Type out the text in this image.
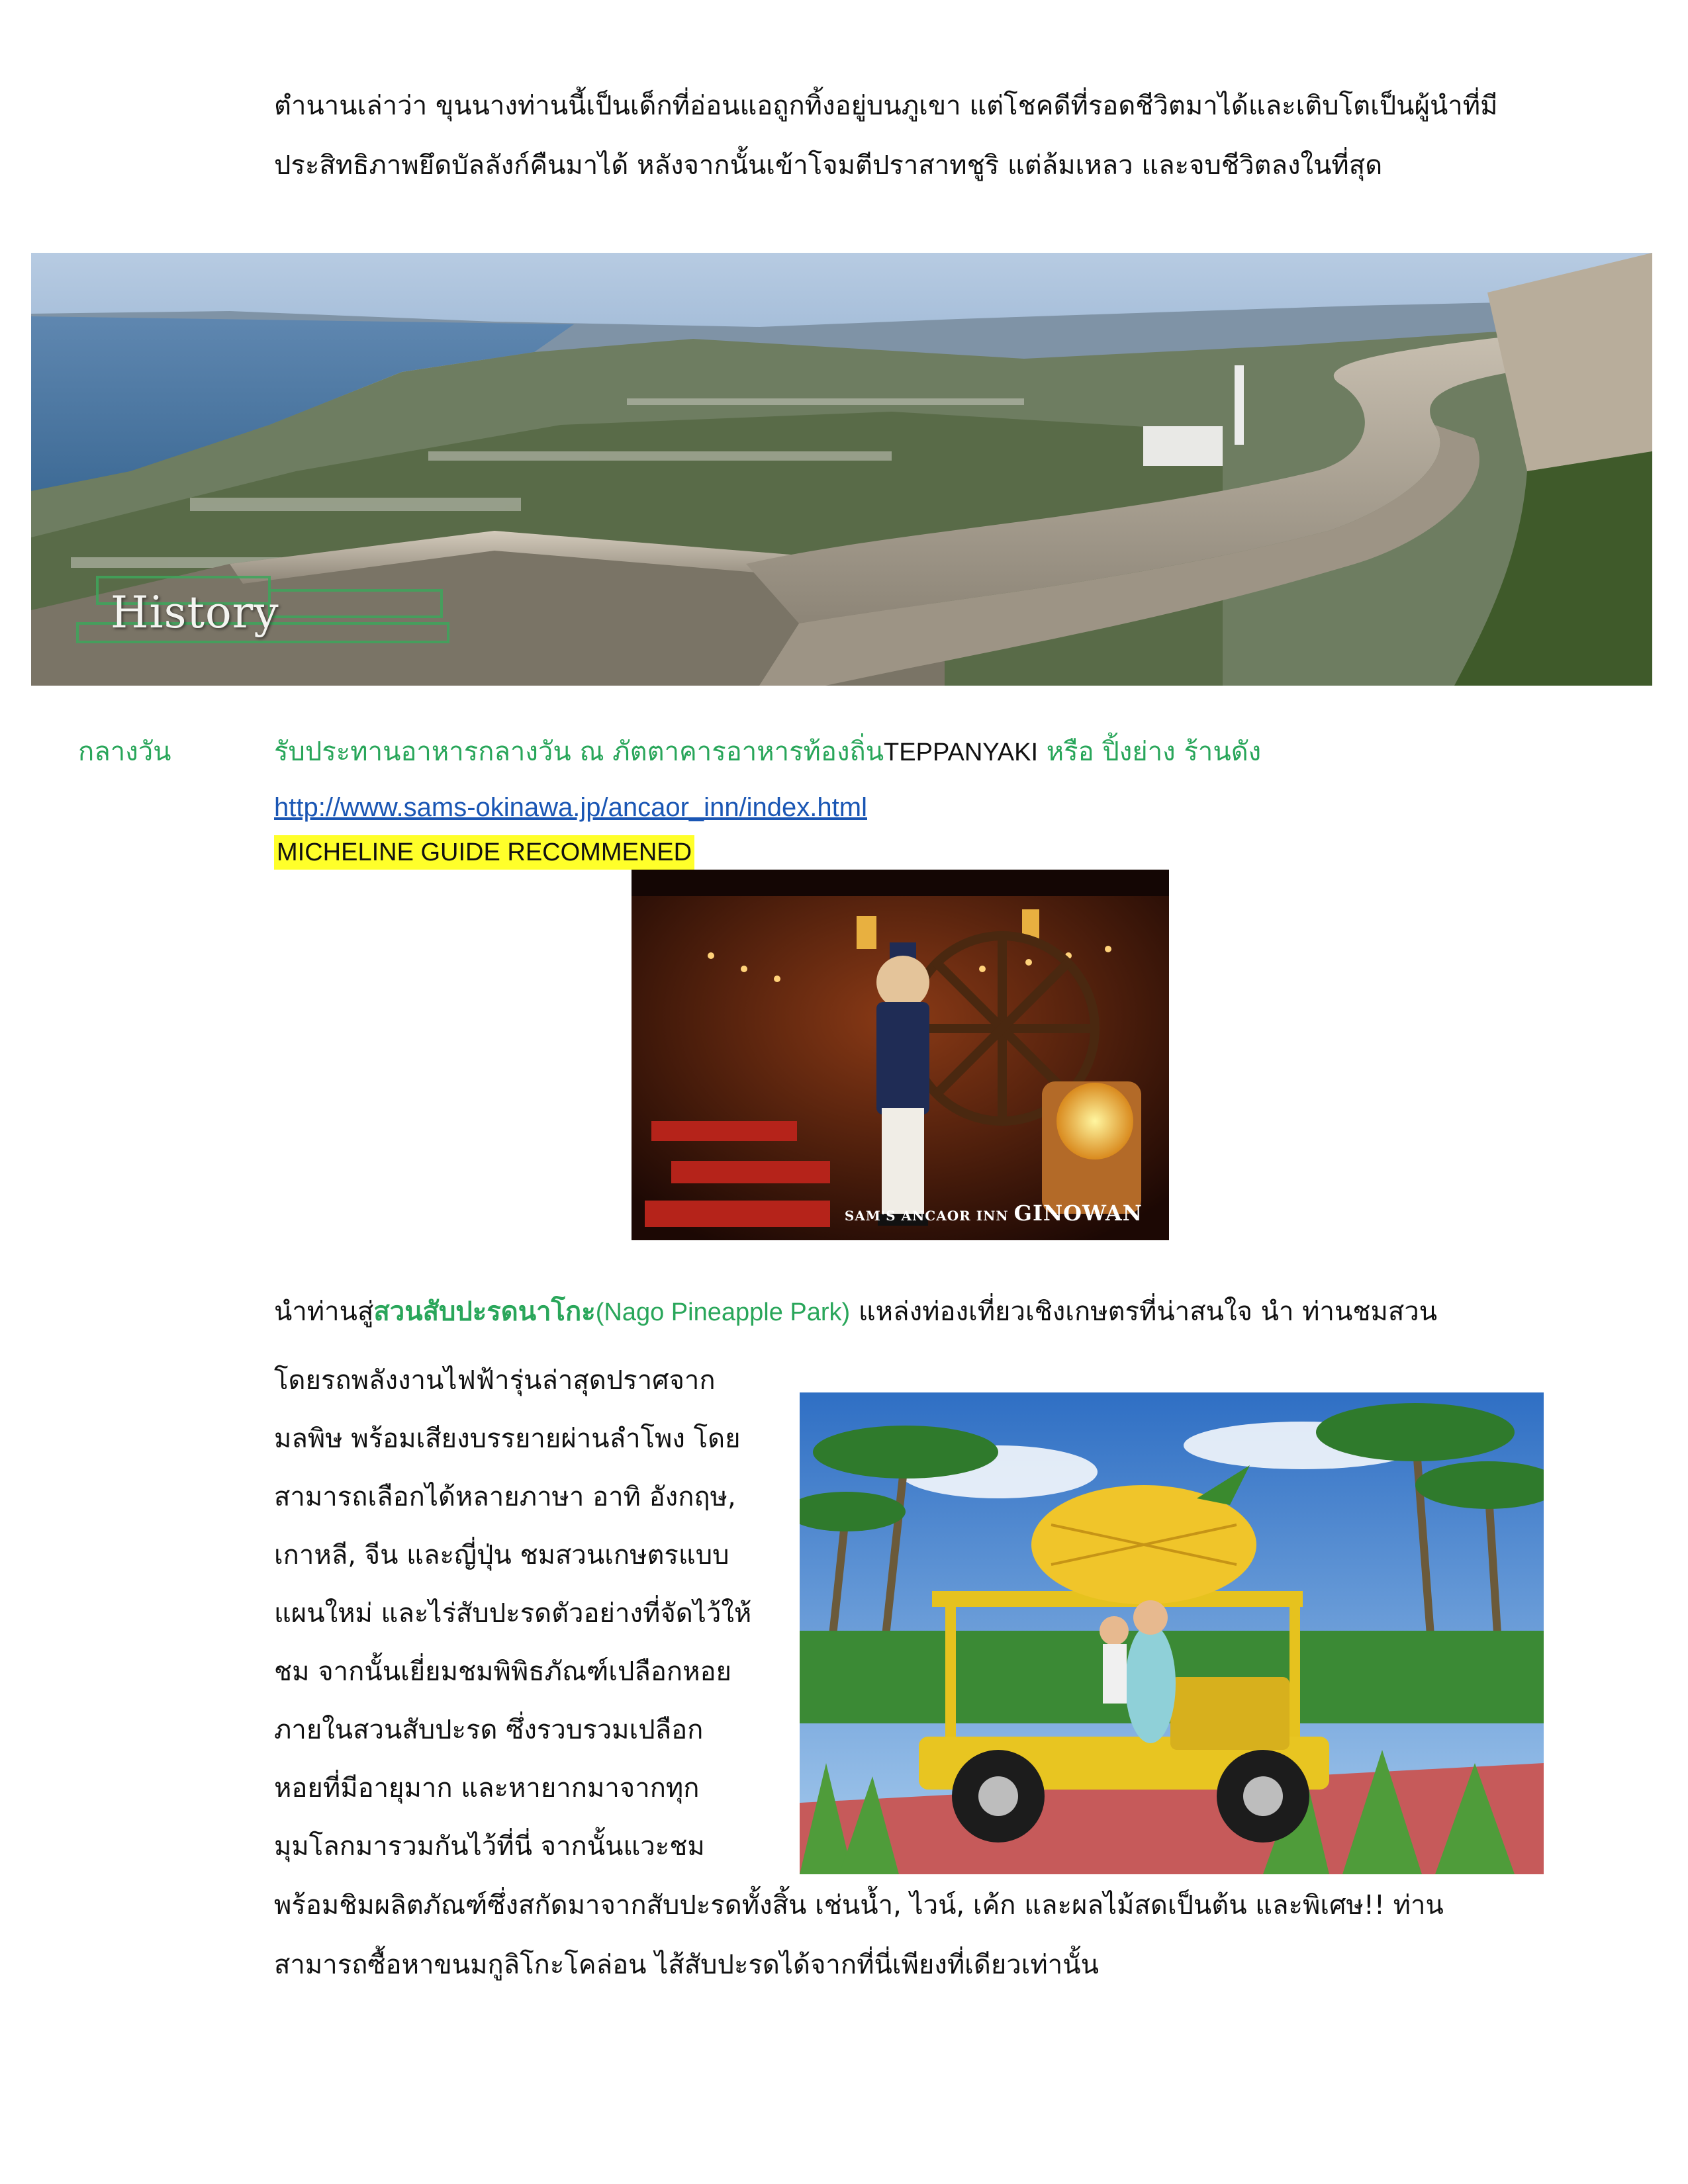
ตำนานเล่าว่า ขุนนางท่านนี้เป็นเด็กที่อ่อนแอถูกทิ้งอยู่บนภูเขา แต่โชคดีที่รอดชีวิตมาได้และเติบโตเป็นผู้นำที่มี
ประสิทธิภาพยึดบัลลังก์คืนมาได้ หลังจากนั้นเข้าโจมตีปราสาทชูริ แต่ล้มเหลว และจบชีวิตลงในที่สุด
History
กลางวัน	รับประทานอาหารกลางวัน ณ ภัตตาคารอาหารท้องถิ่นTEPPANYAKI หรือ ปิ้งย่าง ร้านดัง
http://www.sams-okinawa.jp/ancaor_inn/index.html
MICHELINE GUIDE RECOMMENED
SAM'S ANCAOR INN GINOWAN
นำท่านสู่สวนสับปะรดนาโกะ(Nago Pineapple Park) แหล่งท่องเที่ยวเชิงเกษตรที่น่าสนใจ นำ ท่านชมสวน
โดยรถพลังงานไฟฟ้ารุ่นล่าสุดปราศจาก
มลพิษ พร้อมเสียงบรรยายผ่านลำโพง โดย
สามารถเลือกได้หลายภาษา อาทิ อังกฤษ,
เกาหลี, จีน และญี่ปุ่น ชมสวนเกษตรแบบ
แผนใหม่ และไร่สับปะรดตัวอย่างที่จัดไว้ให้
ชม จากนั้นเยี่ยมชมพิพิธภัณฑ์เปลือกหอย
ภายในสวนสับปะรด ซึ่งรวบรวมเปลือก
หอยที่มีอายุมาก และหายากมาจากทุก
มุมโลกมารวมกันไว้ที่นี่ จากนั้นแวะชม
พร้อมชิมผลิตภัณฑ์ซึ่งสกัดมาจากสับปะรดทั้งสิ้น เช่นน้ำ, ไวน์, เค้ก และผลไม้สดเป็นต้น และพิเศษ!! ท่าน
สามารถซื้อหาขนมกูลิโกะโคล่อน ไส้สับปะรดได้จากที่นี่เพียงที่เดียวเท่านั้น
